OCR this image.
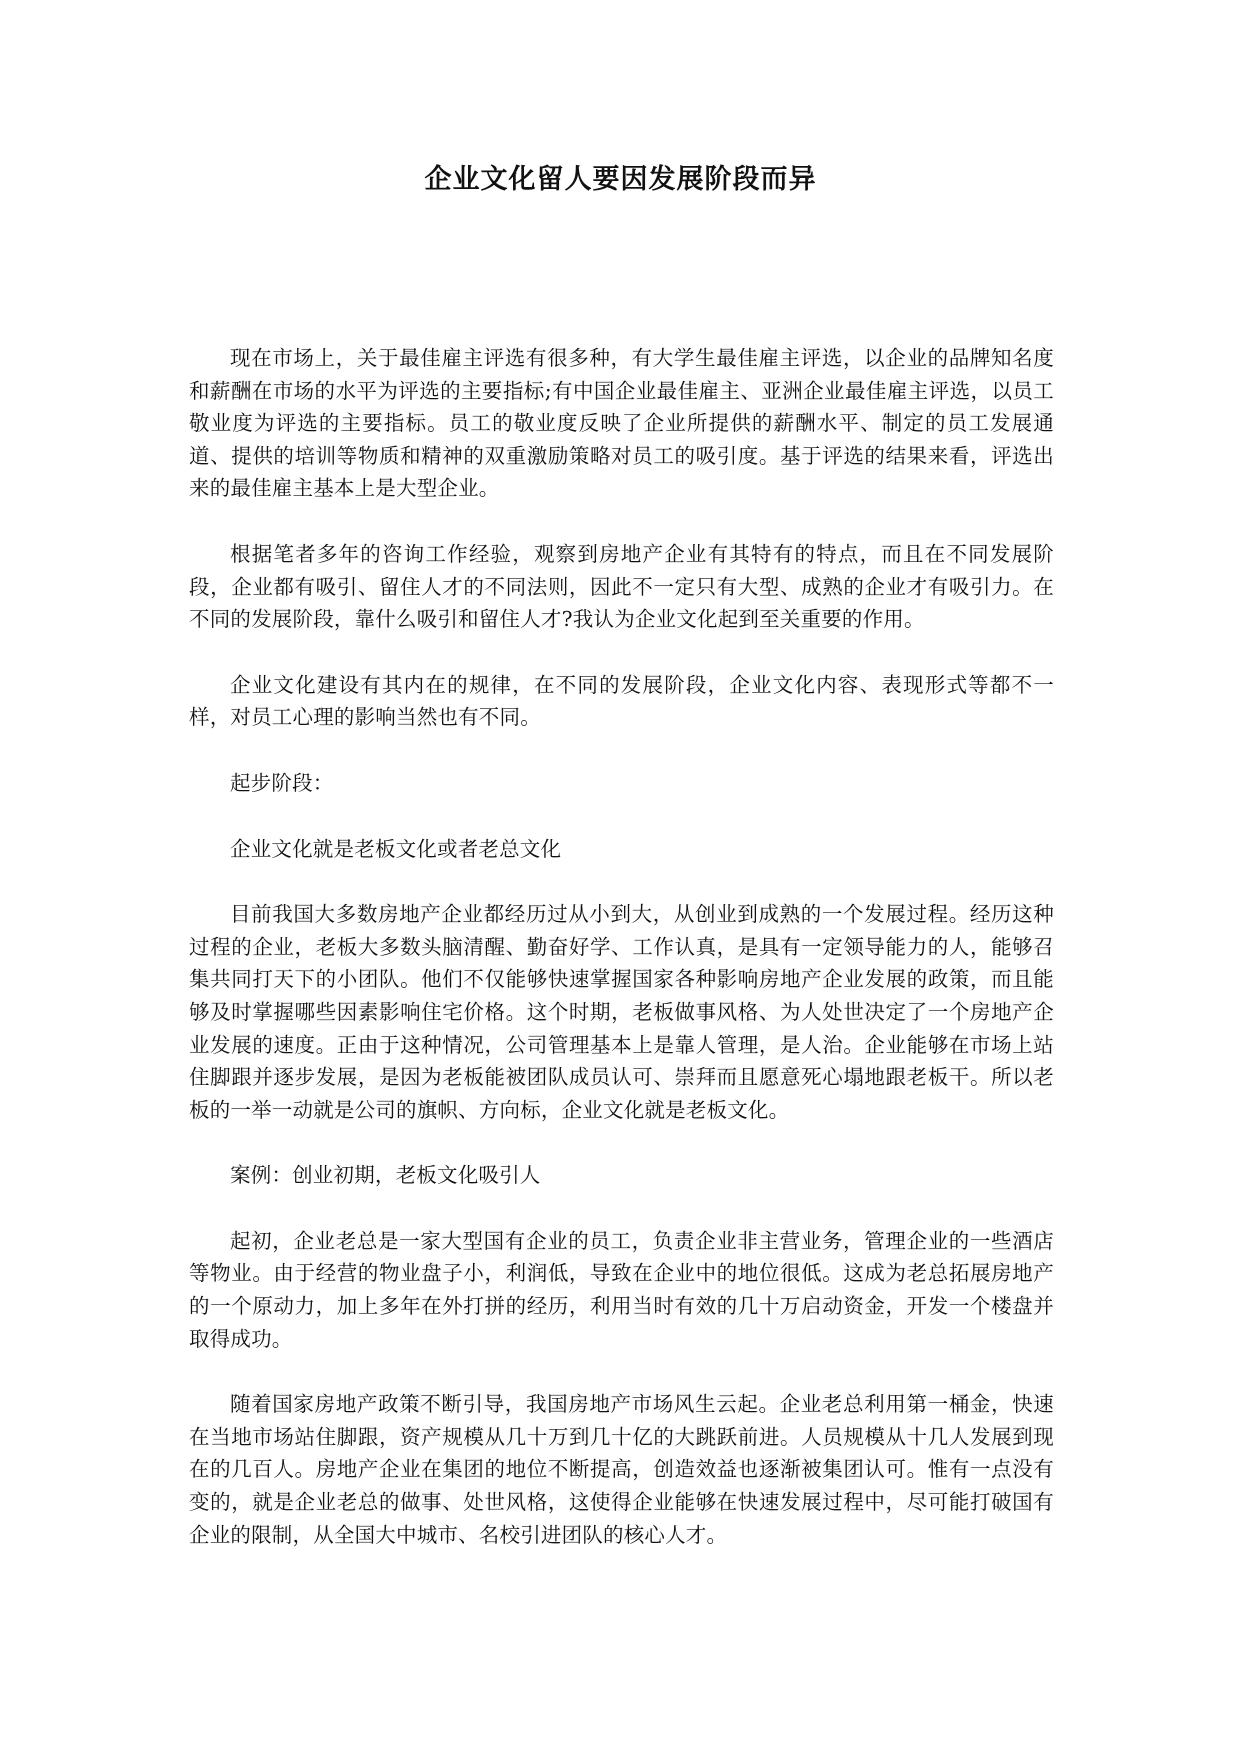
企业文化留人要因发展阶段而异

现在市场上，关于最佳雇主评选有很多种，有大学生最佳雇主评选，以企业的品牌知名度和薪酬在市场的水平为评选的主要指标;有中国企业最佳雇主、亚洲企业最佳雇主评选，以员工敬业度为评选的主要指标。员工的敬业度反映了企业所提供的薪酬水平、制定的员工发展通道、提供的培训等物质和精神的双重激励策略对员工的吸引度。基于评选的结果来看，评选出来的最佳雇主基本上是大型企业。

根据笔者多年的咨询工作经验，观察到房地产企业有其特有的特点，而且在不同发展阶段，企业都有吸引、留住人才的不同法则，因此不一定只有大型、成熟的企业才有吸引力。在不同的发展阶段，靠什么吸引和留住人才?我认为企业文化起到至关重要的作用。

企业文化建设有其内在的规律，在不同的发展阶段，企业文化内容、表现形式等都不一样，对员工心理的影响当然也有不同。

起步阶段：

企业文化就是老板文化或者老总文化

目前我国大多数房地产企业都经历过从小到大，从创业到成熟的一个发展过程。经历这种过程的企业，老板大多数头脑清醒、勤奋好学、工作认真，是具有一定领导能力的人，能够召集共同打天下的小团队。他们不仅能够快速掌握国家各种影响房地产企业发展的政策，而且能够及时掌握哪些因素影响住宅价格。这个时期，老板做事风格、为人处世决定了一个房地产企业发展的速度。正由于这种情况，公司管理基本上是靠人管理，是人治。企业能够在市场上站住脚跟并逐步发展，是因为老板能被团队成员认可、崇拜而且愿意死心塌地跟老板干。所以老板的一举一动就是公司的旗帜、方向标，企业文化就是老板文化。

案例：创业初期，老板文化吸引人

起初，企业老总是一家大型国有企业的员工，负责企业非主营业务，管理企业的一些酒店等物业。由于经营的物业盘子小，利润低，导致在企业中的地位很低。这成为老总拓展房地产的一个原动力，加上多年在外打拼的经历，利用当时有效的几十万启动资金，开发一个楼盘并取得成功。

随着国家房地产政策不断引导，我国房地产市场风生云起。企业老总利用第一桶金，快速在当地市场站住脚跟，资产规模从几十万到几十亿的大跳跃前进。人员规模从十几人发展到现在的几百人。房地产企业在集团的地位不断提高，创造效益也逐渐被集团认可。惟有一点没有变的，就是企业老总的做事、处世风格，这使得企业能够在快速发展过程中，尽可能打破国有企业的限制，从全国大中城市、名校引进团队的核心人才。
